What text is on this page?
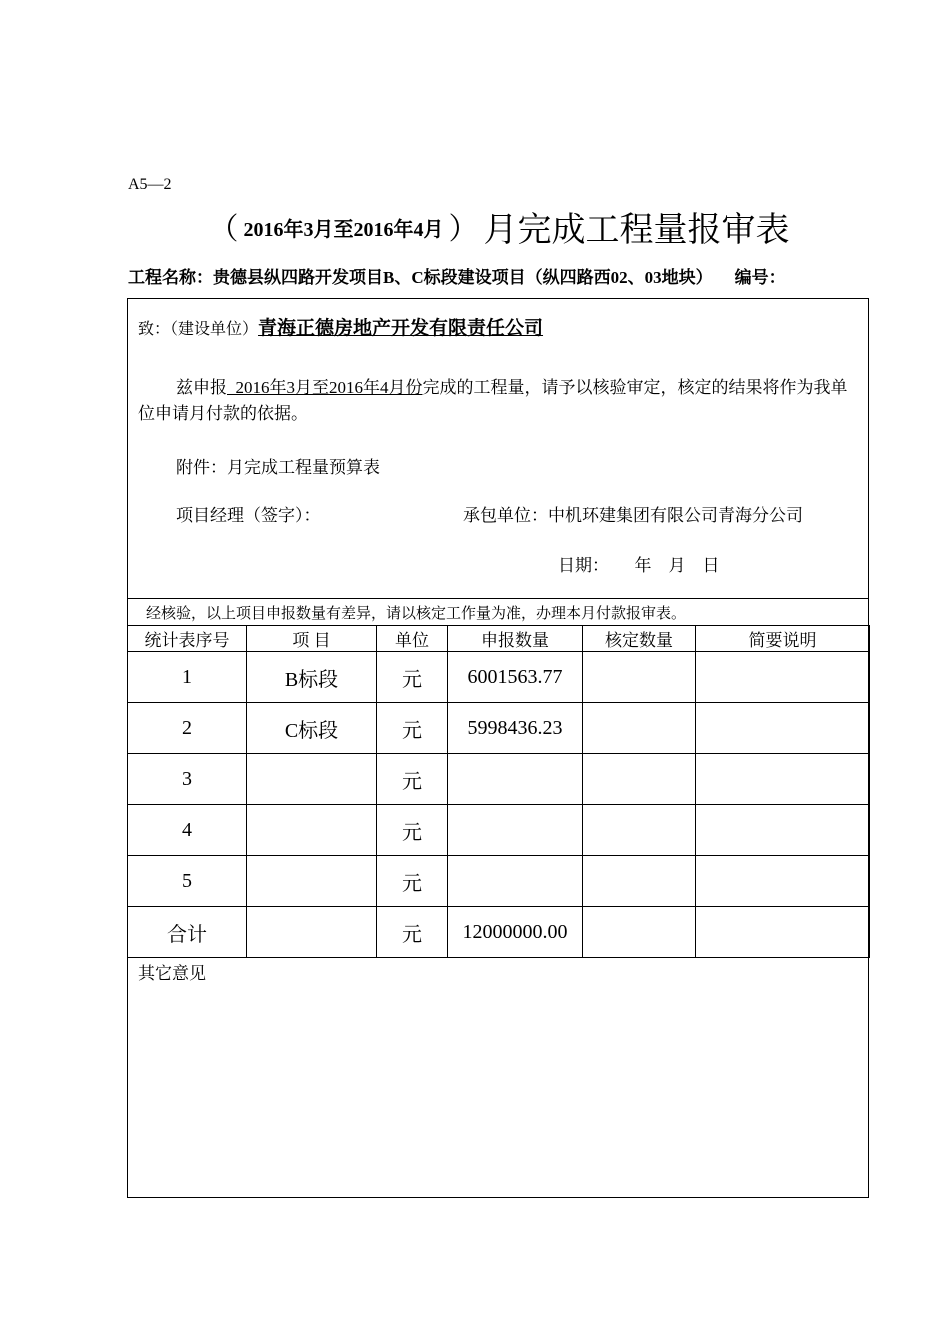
A5—2
（ 2016年3月至2016年4月 ） 月完成工程量报审表
工程名称：贵德县纵四路开发项目B、C标段建设项目（纵四路西02、03地块） 编号：
致：（建设单位）青海正德房地产开发有限责任公司
兹申报  2016年3月至2016年4月份完成的工程量，请予以核验审定，核定的结果将作为我单位申请月付款的依据。
附件：月完成工程量预算表
项目经理（签字）：	承包单位：中机环建集团有限公司青海分公司
日期：      年    月    日
经核验，以上项目申报数量有差异，请以核定工作量为准，办理本月付款报审表。
统计表序号	项 目	单位	申报数量	核定数量	简要说明
1	B标段	元	6001563.77		
2	C标段	元	5998436.23		
3		元			
4		元			
5		元			
合计		元	12000000.00		
其它意见
